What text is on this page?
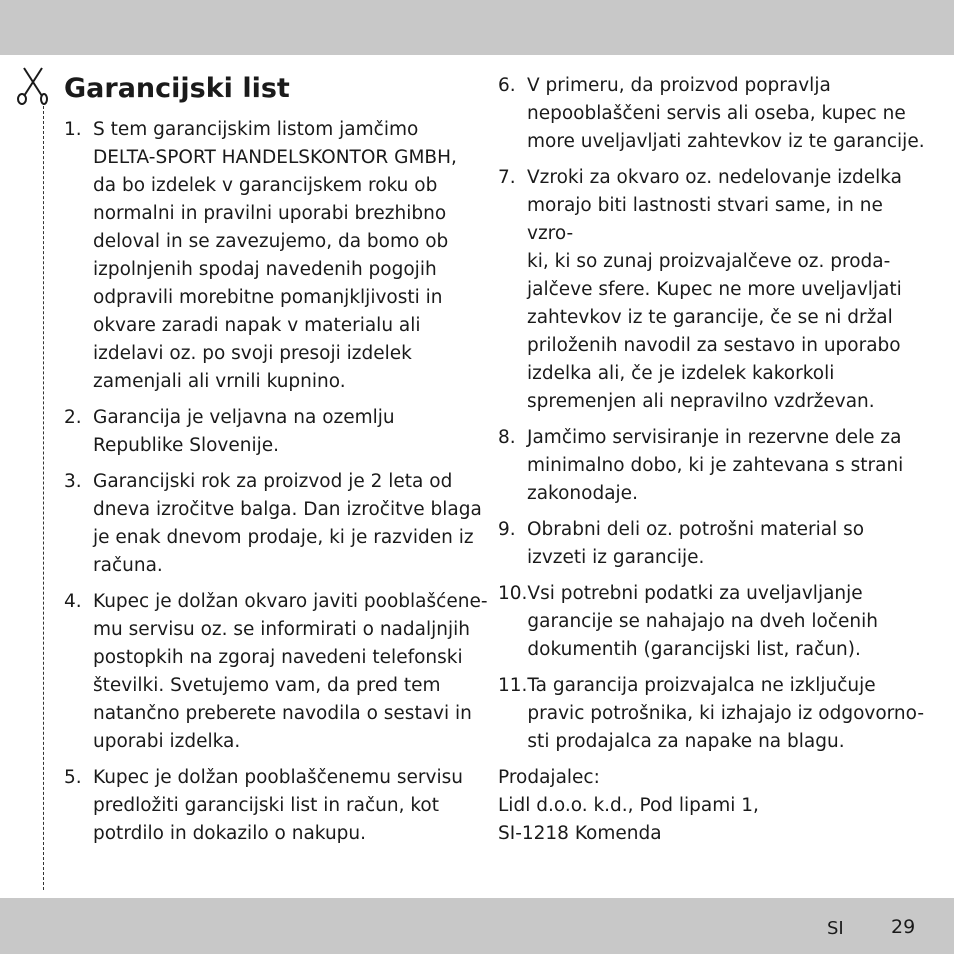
Garancijski list
1. S tem garancijskim listom jamčimo
DELTA-SPORT HANDELSKONTOR GMBH,
da bo izdelek v garancijskem roku ob
normalni in pravilni uporabi brezhibno
deloval in se zavezujemo, da bomo ob
izpolnjenih spodaj navedenih pogojih
odpravili morebitne pomanjkljivosti in
okvare zaradi napak v materialu ali
izdelavi oz. po svoji presoji izdelek
zamenjali ali vrnili kupnino.
2. Garancija je veljavna na ozemlju
Republike Slovenije.
3. Garancijski rok za proizvod je 2 leta od
dneva izročitve balga. Dan izročitve blaga
je enak dnevom prodaje, ki je razviden iz
računa.
4. Kupec je dolžan okvaro javiti pooblašćene-
mu servisu oz. se informirati o nadaljnjih
postopkih na zgoraj navedeni telefonski
številki. Svetujemo vam, da pred tem
natančno preberete navodila o sestavi in
uporabi izdelka.
5. Kupec je dolžan pooblaščenemu servisu
predložiti garancijski list in račun, kot
potrdilo in dokazilo o nakupu.
6. V primeru, da proizvod popravlja
nepooblaščeni servis ali oseba, kupec ne
more uveljavljati zahtevkov iz te garancije.
7. Vzroki za okvaro oz. nedelovanje izdelka
morajo biti lastnosti stvari same, in ne vzro-
ki, ki so zunaj proizvajalčeve oz. proda-
jalčeve sfere. Kupec ne more uveljavljati
zahtevkov iz te garancije, če se ni držal
priloženih navodil za sestavo in uporabo
izdelka ali, če je izdelek kakorkoli
spremenjen ali nepravilno vzdrževan.
8. Jamčimo servisiranje in rezervne dele za
minimalno dobo, ki je zahtevana s strani
zakonodaje.
9. Obrabni deli oz. potrošni material so
izvzeti iz garancije.
10. Vsi potrebni podatki za uveljavljanje
garancije se nahajajo na dveh ločenih
dokumentih (garancijski list, račun).
11. Ta garancija proizvajalca ne izključuje
pravic potrošnika, ki izhajajo iz odgovorno-
sti prodajalca za napake na blagu.
Prodajalec:
Lidl d.o.o. k.d., Pod lipami 1,
SI-1218 Komenda
SI 29
